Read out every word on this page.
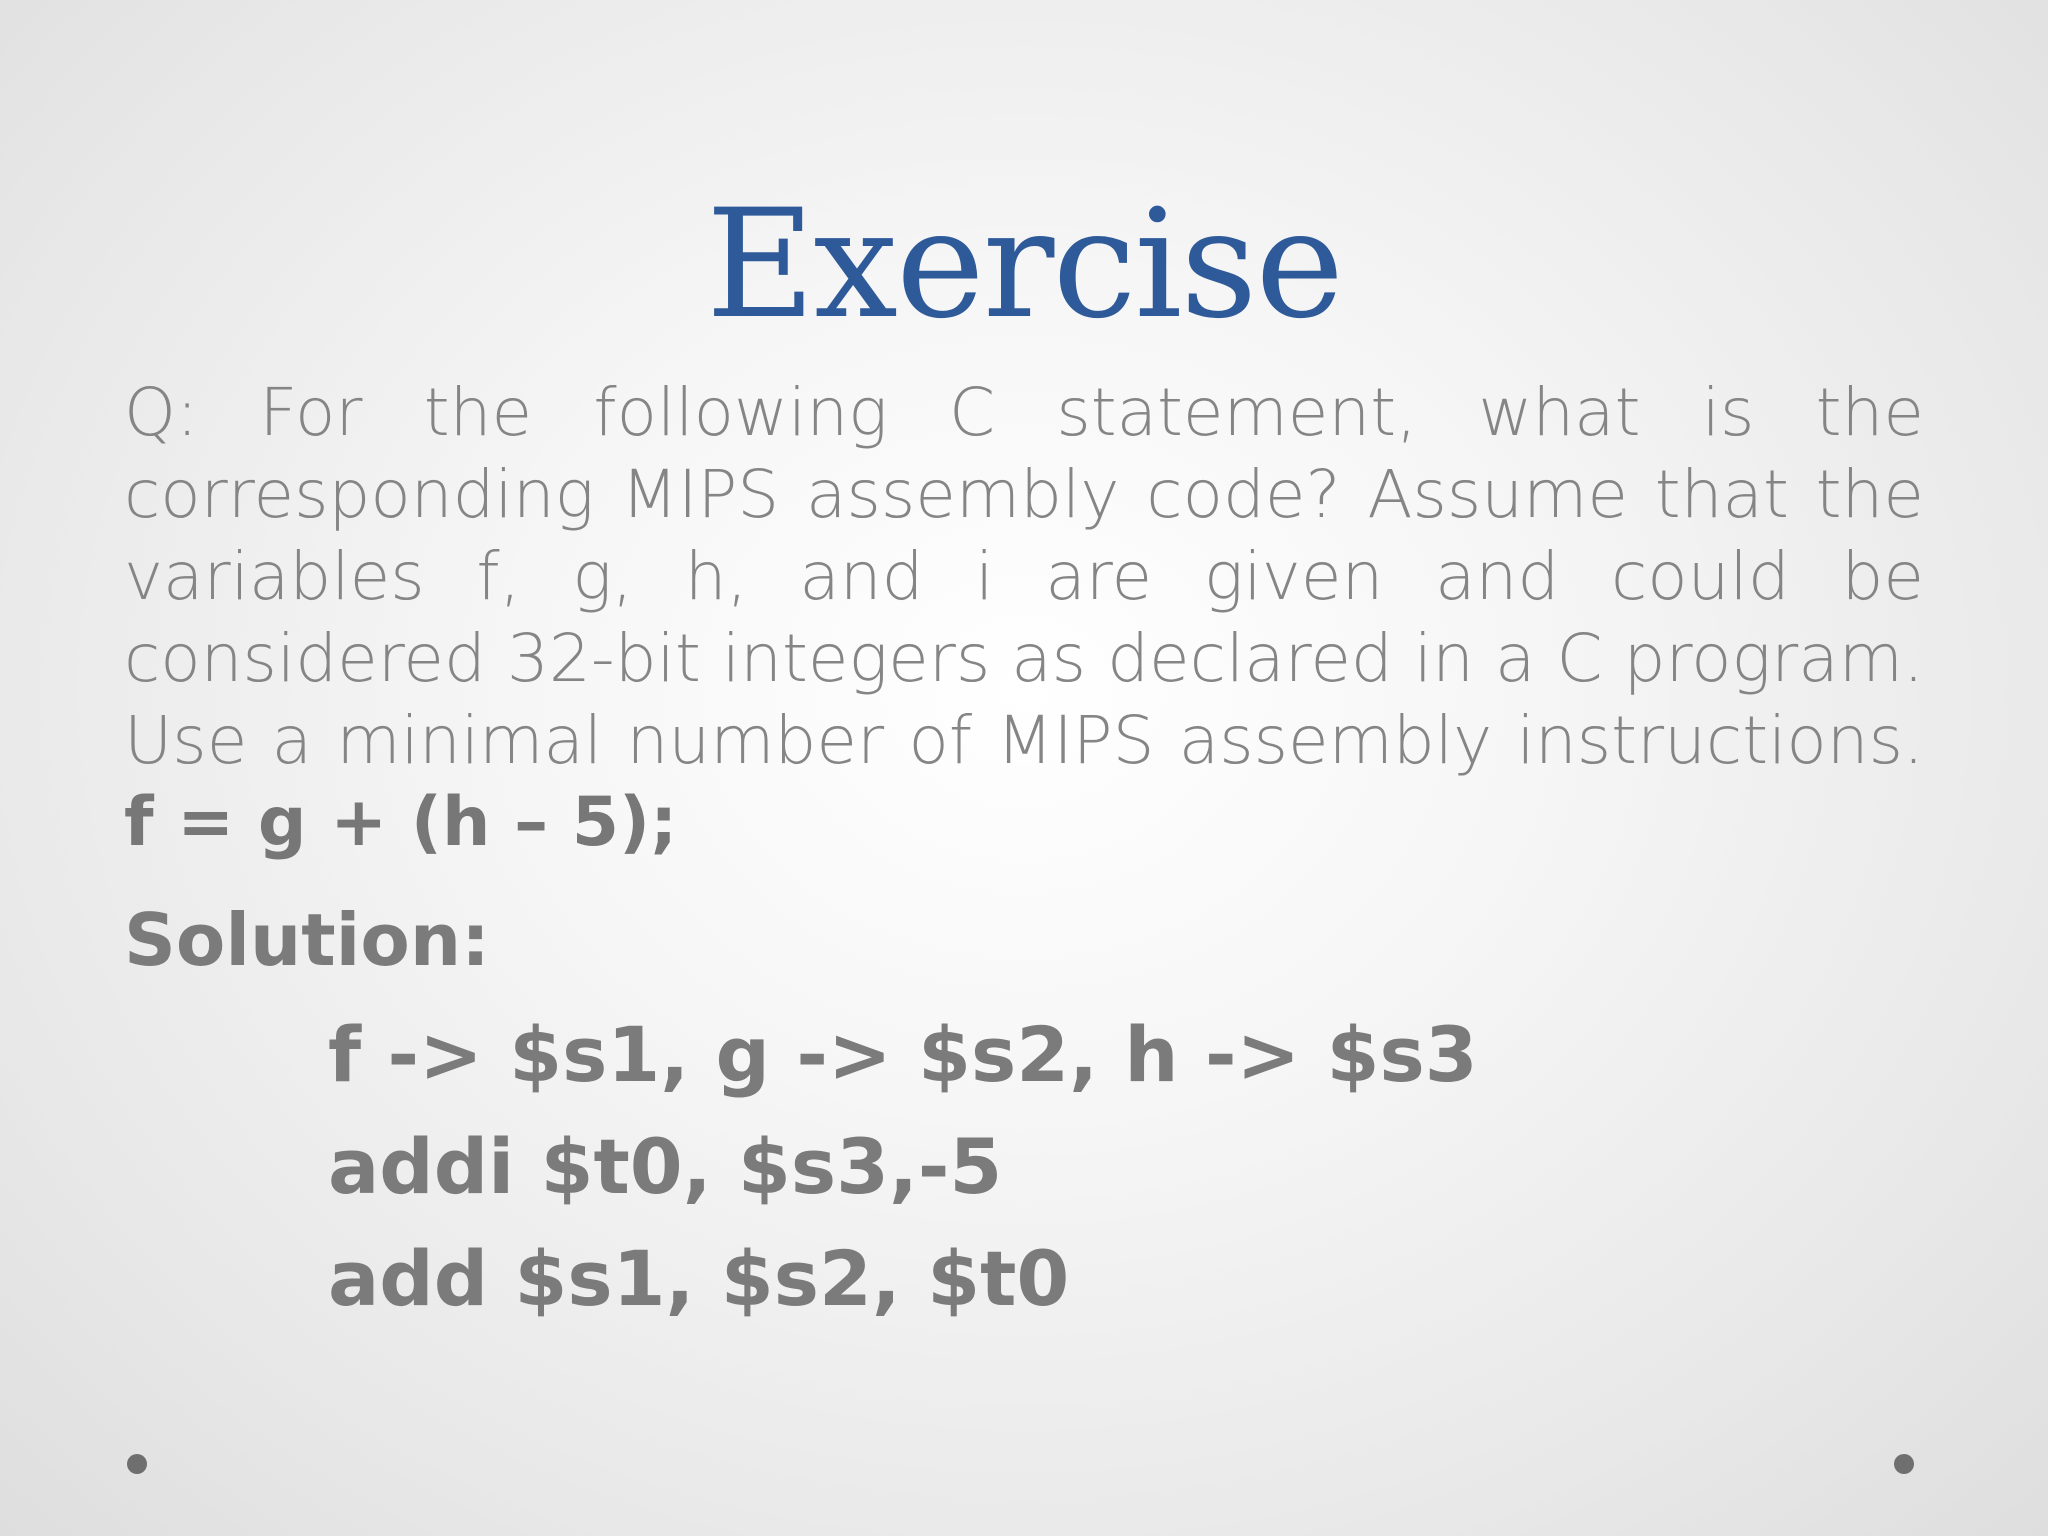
Exercise
Q: For the following C statement, what is the corresponding MIPS assembly code? Assume that the variables f, g, h, and i are given and could be considered 32-bit integers as declared in a C program. Use a minimal number of MIPS assembly instructions. f = g + (h – 5);
Solution:
f -> $s1, g -> $s2, h -> $s3
addi $t0, $s3,-5
add $s1, $s2, $t0
